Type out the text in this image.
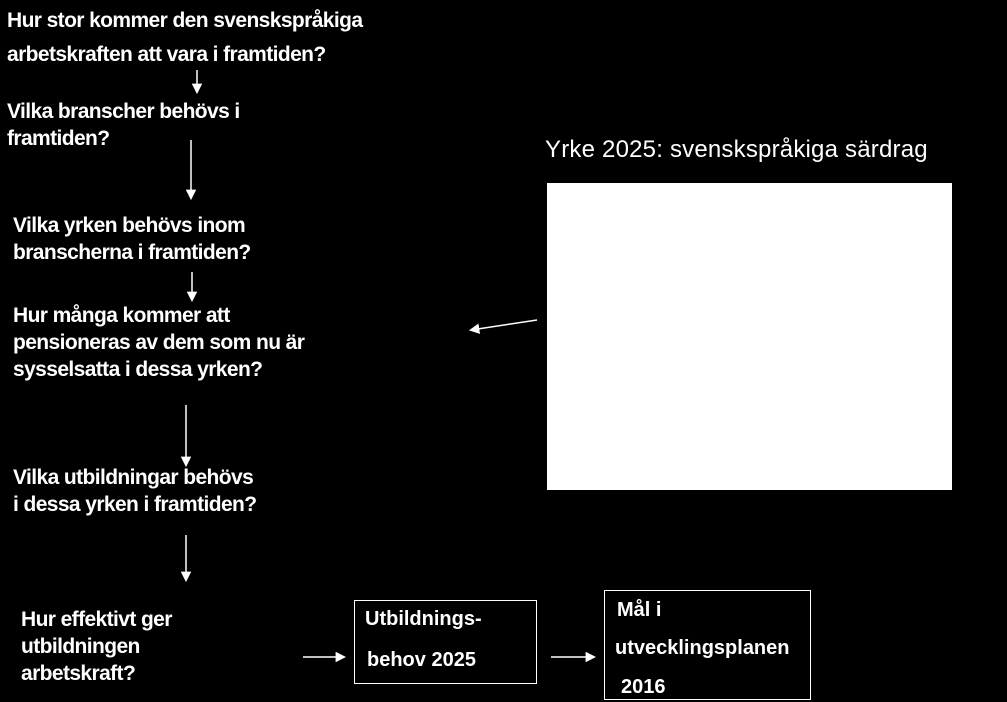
Hur stor kommer den svenskspråkiga
arbetskraften att vara i framtiden?
Vilka branscher behövs i
framtiden?
Vilka yrken behövs inom
branscherna i framtiden?
Hur många kommer att
pensioneras av dem som nu är
sysselsatta i dessa yrken?
Vilka utbildningar behövs
i dessa yrken i framtiden?
Hur effektivt ger
utbildningen
arbetskraft?
Yrke 2025: svenskspråkiga särdrag
Utbildnings-
behov 2025
Mål i
utvecklingsplanen
2016
